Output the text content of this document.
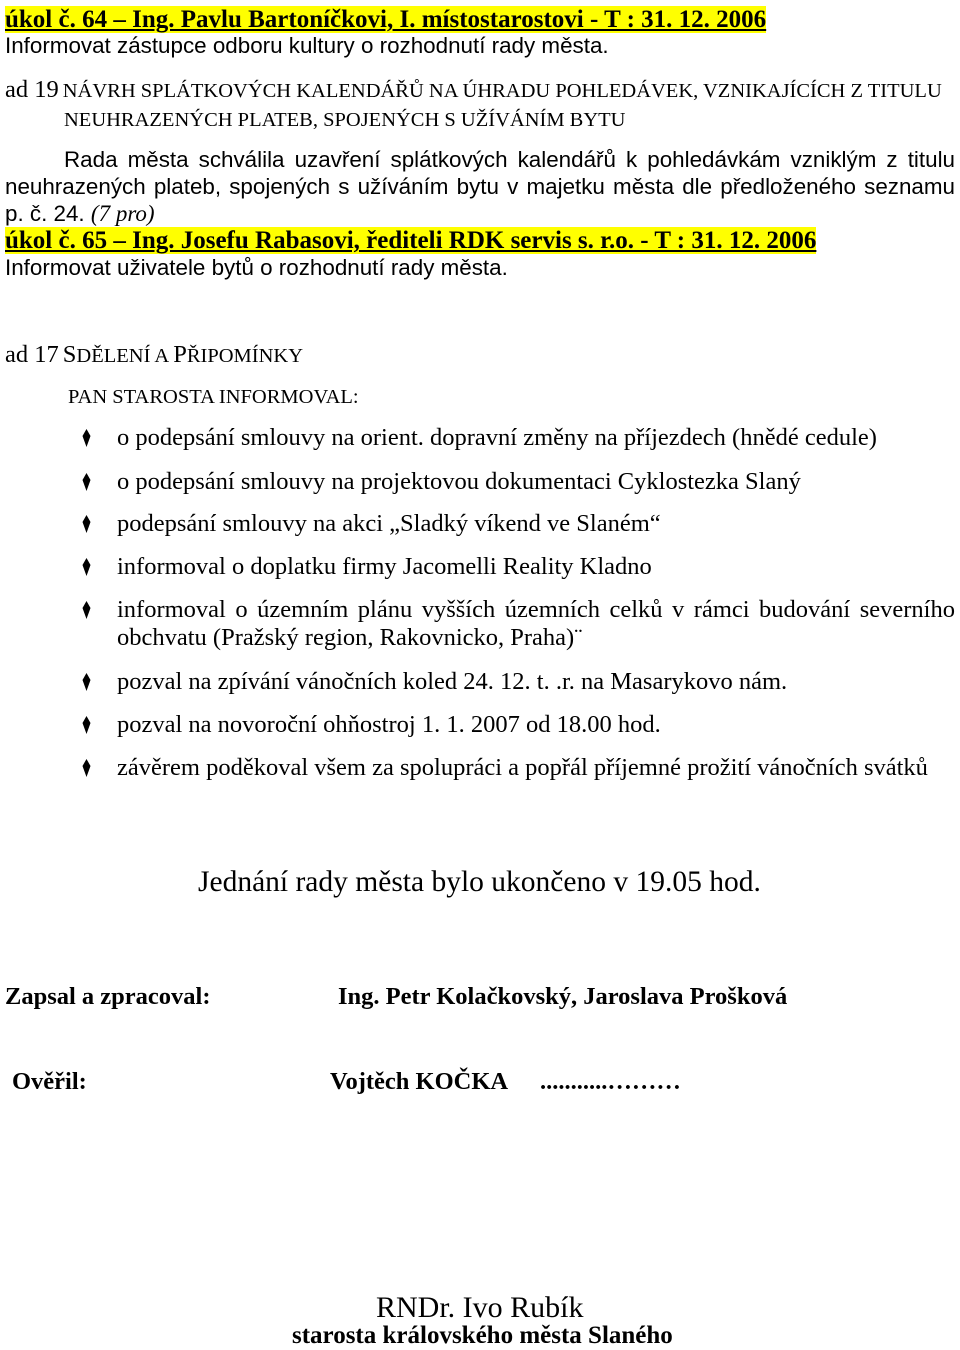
úkol č. 64 – Ing. Pavlu Bartoníčkovi, I. místostarostovi - T : 31. 12. 2006
Informovat zástupce odboru kultury o rozhodnutí rady města.
ad 19 NÁVRH SPLÁTKOVÝCH KALENDÁŘŮ NA ÚHRADU POHLEDÁVEK, VZNIKAJÍCÍCH Z TITULU
NEUHRAZENÝCH PLATEB, SPOJENÝCH S UŽÍVÁNÍM BYTU
Rada města schválila uzavření splátkových kalendářů k pohledávkám vzniklým z titulu
neuhrazených plateb, spojených s užíváním bytu v majetku města dle předloženého seznamu
p. č. 24. (7 pro)
úkol č. 65 – Ing. Josefu Rabasovi, řediteli RDK servis s. r.o. - T : 31. 12. 2006
Informovat uživatele bytů o rozhodnutí rady města.
ad 17 SDĚLENÍ A PŘIPOMÍNKY
PAN STAROSTA INFORMOVAL:
o podepsání smlouvy na orient. dopravní změny na příjezdech (hnědé cedule)
o podepsání smlouvy na projektovou dokumentaci Cyklostezka Slaný
podepsání smlouvy na akci „Sladký víkend ve Slaném“
informoval o doplatku firmy Jacomelli Reality Kladno
informoval o územním plánu vyšších územních celků v rámci budování severního
obchvatu (Pražský region, Rakovnicko, Praha)¨
pozval na zpívání vánočních koled 24. 12. t. .r. na Masarykovo nám.
pozval na novoroční ohňostroj 1. 1. 2007 od 18.00 hod.
závěrem poděkoval všem za spolupráci a popřál příjemné prožití vánočních svátků
Jednání rady města bylo ukončeno v 19.05 hod.
Zapsal a zpracoval:	Ing. Petr Kolačkovský, Jaroslava Prošková
Ověřil:	Vojtěch KOČKA ...........………
RNDr. Ivo Rubík
starosta královského města Slaného
